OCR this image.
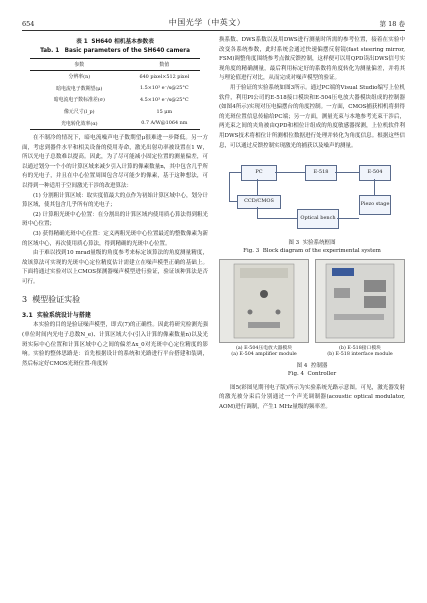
654	中国光学（中英文）	第 18 卷
表 1 SH640 相机基本参数表
Tab. 1 Basic parameters of the SH640 camera
参数	数值
分辨率(n)	640 pixel×512 pixel
暗电流电子数期望(μ)	1.5×10³ e⁻/s@25°C
暗电流电子数标准差(σ)	4.5×10³ e⁻/s@25°C
像元尺寸(l_p)	15 μm
光电转化效率(α)	0.7 A/W@1064 nm

在不制冷的情况下，暗电流噪声电子数期望μ很难进一步降低。另一方面，考虑到器件水平和相关设备的使用寿命，激光出射功率被设置在1 W，所以光电子总数难以提高。因此，为了尽可能减小固定位置的测量偏差，可以通过划分一个小的计算区域来减少引入计算的像素数量n，其中包含几乎所有的光电子，并且在中心位置周围包含尽可能少的像素，基于这种想法，可以得到一种适用于空间激光干涉的改进算法：

(1) 分割粗计算区域：取实度值最大的点作为初始计算区域中心，划分计算区域，使其包含几乎所有的光电子；

(2) 计算粗光斑中心位置：在分割出的计算区域内使用质心算法得到粗光斑中心位置；

(3) 获得精确光斑中心位置：定义两粗光斑中心位置最近的整数像素为新的区域中心，再次使用质心算法，得到精确的光斑中心位置。

由于难以找到10 mrad量级的角度参考来标定该算法的角度测量精度，故该算法可实现的光斑中心定位精度估计需建立在噪声模型正确的基础上。下面将通过实验对以上CMOS探测器噪声模型进行验证，验证该种算法是否可行。

3 模型验证实验
3.1 实验系统设计与搭建

本实验的目的是验证噪声模型，即式(7)的正确性。因此将研究检测光强(单位时间内光电子总数N_e)、计算区域大小(引入计算的像素数量n)以及光斑实际中心位置和计算区域中心之间的偏差Δx_0对光斑中心定位精度的影响。实验的整体思路是：首先根据设计的系统和光路进行平台搭建和装调，然后标定好CMOS光斑位置-角度转

换系数、DWS系数以及用DWS进行测量时所需的参考位置，接着在实验中改变各系统参数，此时系统会通过快速偏摆反射镜(fast steering mirror, FSM)调整角度围绕参考点做反馈控制，这样便可以用QPD读出DWS信号实现角度的精确测量，最后利用标定好的系数将角度转化为测量偏差，并将其与理论值进行对比，从而完成对噪声模型的验证。

用于验证的实验系统如图3所示。通过PC端的Visual Studio编写上位机软件，利用PI公司的E-518接口模块和E-504压电放大器模块组成的控制器(如图4所示)实现对压电偏摆台的角度控制。一方面，CMOS捕获相机将拼得的光斑位置信息传输给PC端；另一方面，测量光束与本地参考光束干涉后，两光束之间的夹角被由QPD和相位计组成的角度敏感器探测，上位机软件利用DWS技术将相位计所测相位数据进行处理并转化为角度信息。根据这些信息，可以通过反馈控制实现激光的捕获以及噪声的测量。

PC	E-518	E-504
CCD/CMOS
Optical bench
Piezo stage
图 3 实验系统框图
Fig. 3 Block diagram of the experimental system
(a) E-504压电放大器模块
(a) E-504 amplifier module
(b) E-518接口模块
(b) E-518 interface module
图 4 控制器
Fig. 4 Controller

图5(彩图见期刊电子版)所示为实验系统光路示意图。可见，激光器发射的激光被分束后分别通过一个声光调制器(acoustic optical modulator, AOM)进行调制，产生1 MHz量级的频率差。
